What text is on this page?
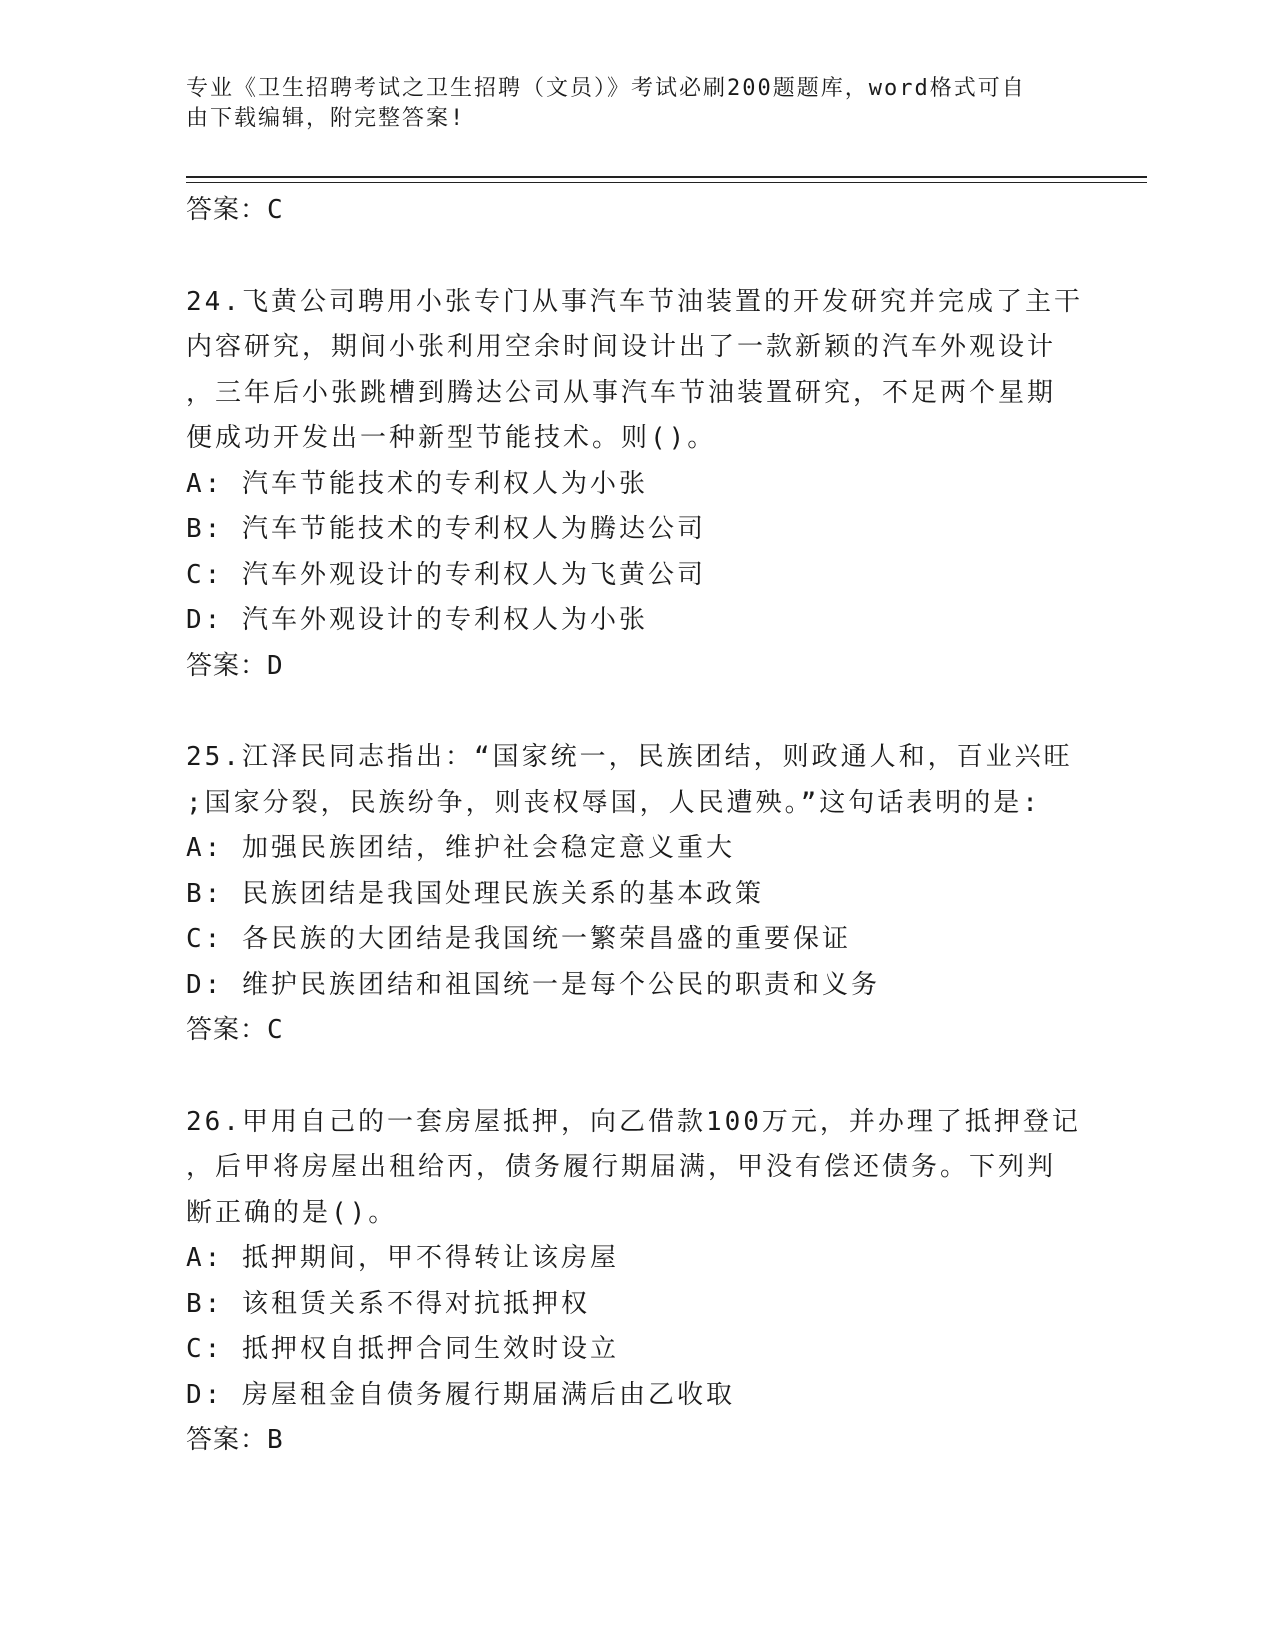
专业《卫生招聘考试之卫生招聘（文员）》考试必刷200题题库，word格式可自
由下载编辑，附完整答案!
答案：C
24.飞黄公司聘用小张专门从事汽车节油装置的开发研究并完成了主干
内容研究，期间小张利用空余时间设计出了一款新颖的汽车外观设计
，三年后小张跳槽到腾达公司从事汽车节油装置研究，不足两个星期
便成功开发出一种新型节能技术。则()。
A: 汽车节能技术的专利权人为小张
B: 汽车节能技术的专利权人为腾达公司
C: 汽车外观设计的专利权人为飞黄公司
D: 汽车外观设计的专利权人为小张
答案：D
25.江泽民同志指出：“国家统一，民族团结，则政通人和，百业兴旺
;国家分裂，民族纷争，则丧权辱国，人民遭殃。”这句话表明的是:
A: 加强民族团结，维护社会稳定意义重大
B: 民族团结是我国处理民族关系的基本政策
C: 各民族的大团结是我国统一繁荣昌盛的重要保证
D: 维护民族团结和祖国统一是每个公民的职责和义务
答案：C
26.甲用自己的一套房屋抵押，向乙借款100万元，并办理了抵押登记
，后甲将房屋出租给丙，债务履行期届满，甲没有偿还债务。下列判
断正确的是()。
A: 抵押期间，甲不得转让该房屋
B: 该租赁关系不得对抗抵押权
C: 抵押权自抵押合同生效时设立
D: 房屋租金自债务履行期届满后由乙收取
答案：B
